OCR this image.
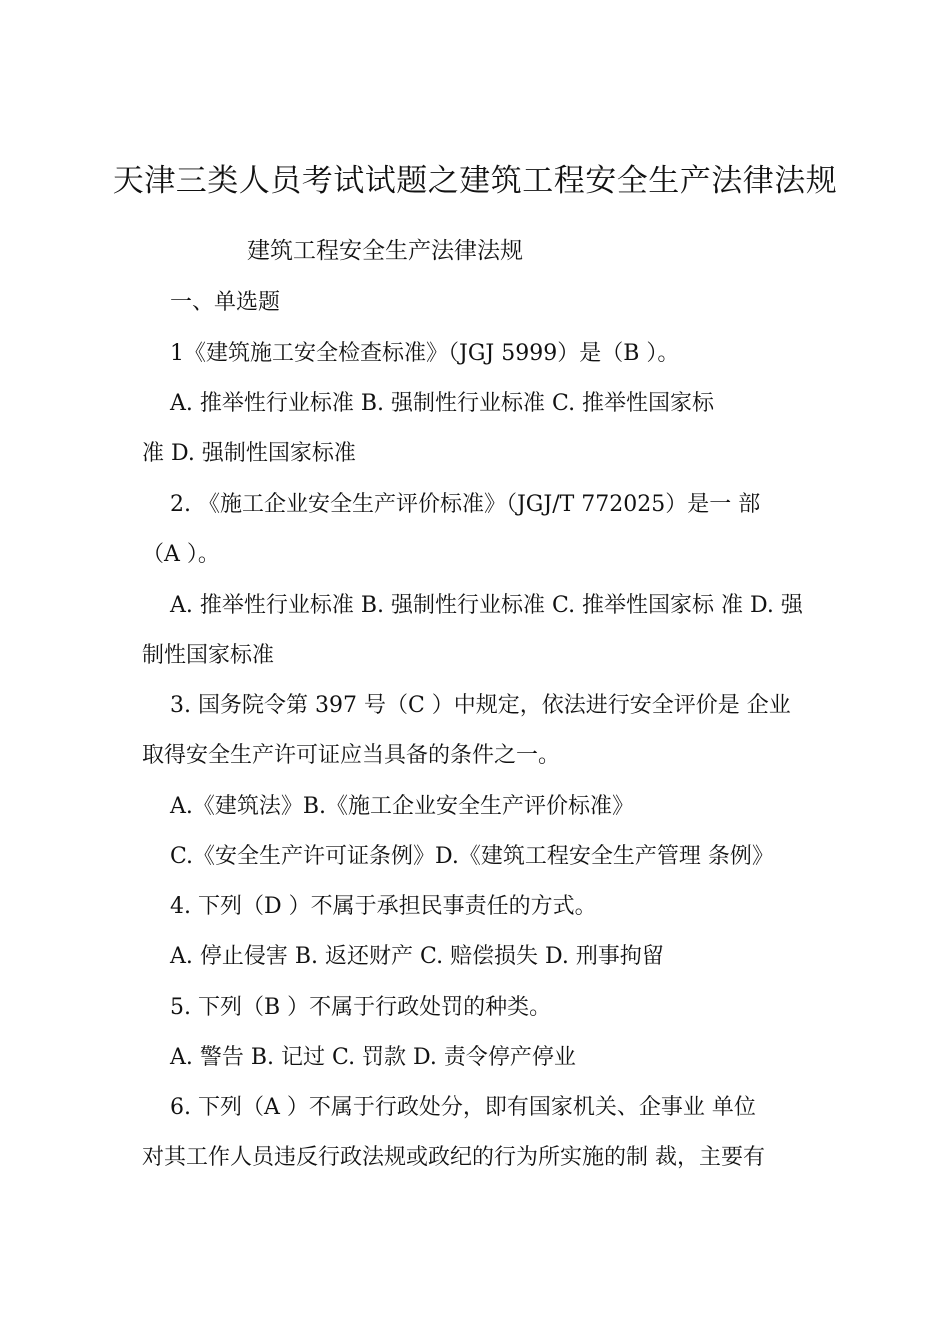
天津三类人员考试试题之建筑工程安全生产法律法规
建筑工程安全生产法律法规
一、单选题
1《建筑施工安全检查标准》（JGJ 5999）是（B ）。
A. 推举性行业标准 B. 强制性行业标准 C. 推举性国家标
准 D. 强制性国家标准
2. 《施工企业安全生产评价标准》（JGJ/T 772025）是一 部
（A ）。
A. 推举性行业标准 B. 强制性行业标准 C. 推举性国家标 准 D. 强
制性国家标准
3. 国务院令第 397 号（C ）中规定，依法进行安全评价是 企业
取得安全生产许可证应当具备的条件之一。
A.《建筑法》B.《施工企业安全生产评价标准》
C.《安全生产许可证条例》D.《建筑工程安全生产管理 条例》
4. 下列（D ）不属于承担民事责任的方式。
A. 停止侵害 B. 返还财产 C. 赔偿损失 D. 刑事拘留
5. 下列（B ）不属于行政处罚的种类。
A. 警告 B. 记过 C. 罚款 D. 责令停产停业
6. 下列（A ）不属于行政处分，即有国家机关、企事业 单位
对其工作人员违反行政法规或政纪的行为所实施的制 裁，主要有
